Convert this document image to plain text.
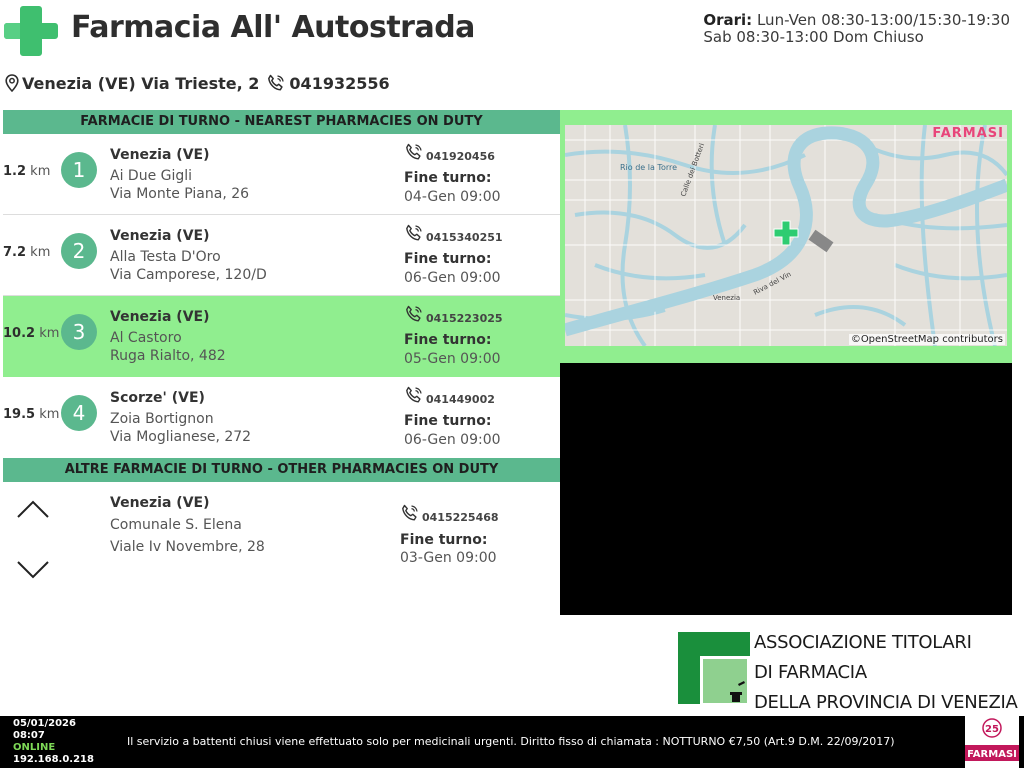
Farmacia All' Autostrada
Venezia (VE) Via Trieste, 2 041932556
Orari: Lun-Ven 08:30-13:00/15:30-19:30
Sab 08:30-13:00 Dom Chiuso
FARMACIE DI TURNO - NEAREST PHARMACIES ON DUTY
1.2 km	1
Venezia (VE)
Ai Due Gigli
Via Monte Piana, 26
041920456
Fine turno:
04-Gen 09:00
7.2 km	2
Venezia (VE)
Alla Testa D'Oro
Via Camporese, 120/D
0415340251
Fine turno:
06-Gen 09:00
10.2 km 3
Venezia (VE)
Al Castoro
Ruga Rialto, 482
0415223025
Fine turno:
05-Gen 09:00
19.5 km 4
Scorze' (VE)
Zoia Bortignon
Via Moglianese, 272
041449002
Fine turno:
06-Gen 09:00
ALTRE FARMACIE DI TURNO - OTHER PHARMACIES ON DUTY
Venezia (VE)
Comunale S. Elena
Viale Iv Novembre, 28
0415225468
Fine turno:
03-Gen 09:00
Rio de la Torre Calle dei Botteri
Riva del Vin
Venezia
FARMASI
©OpenStreetMap contributors
ASSOCIAZIONE TITOLARI
DI FARMACIA
DELLA PROVINCIA DI VENEZIA
05/01/2026
08:07
ONLINE
192.168.0.218
Il servizio a battenti chiusi viene effettuato solo per medicinali urgenti. Diritto fisso di chiamata : NOTTURNO €7,50 (Art.9 D.M. 22/09/2017)
25
FARMASI
